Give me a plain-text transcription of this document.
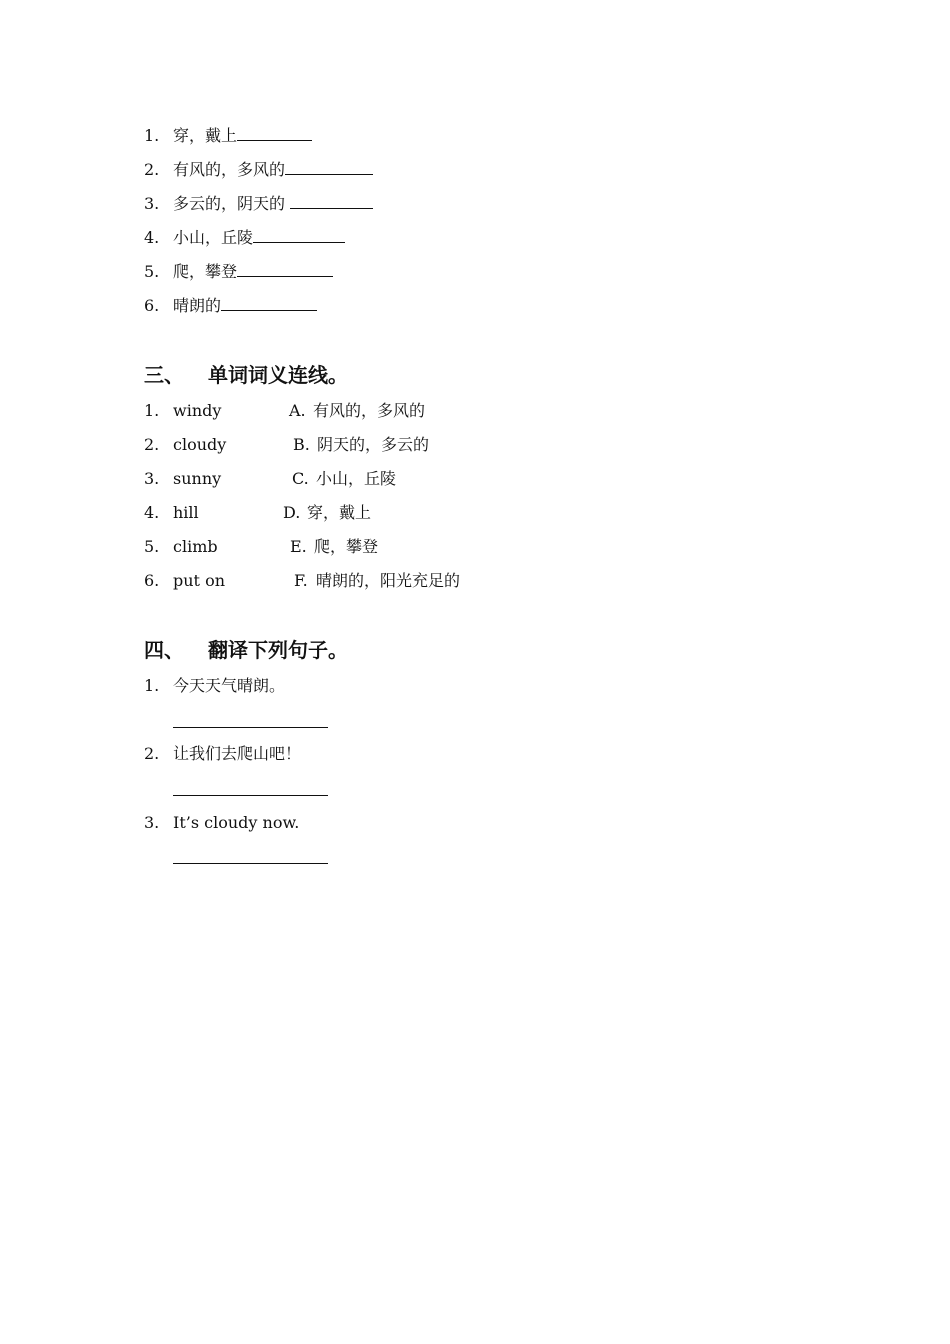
1. 穿，戴上
2. 有风的，多风的
3. 多云的，阴天的
4. 小山，丘陵
5. 爬，攀登
6. 晴朗的
三、 单词词义连线。
1. windy	A. 有风的，多风的
2. cloudy	B. 阴天的，多云的
3. sunny	C. 小山，丘陵
4. hill	D. 穿，戴上
5. climb	E. 爬，攀登
6. put on	F. 晴朗的，阳光充足的
四、 翻译下列句子。
1. 今天天气晴朗。
2. 让我们去爬山吧！
3. It’s cloudy now.
